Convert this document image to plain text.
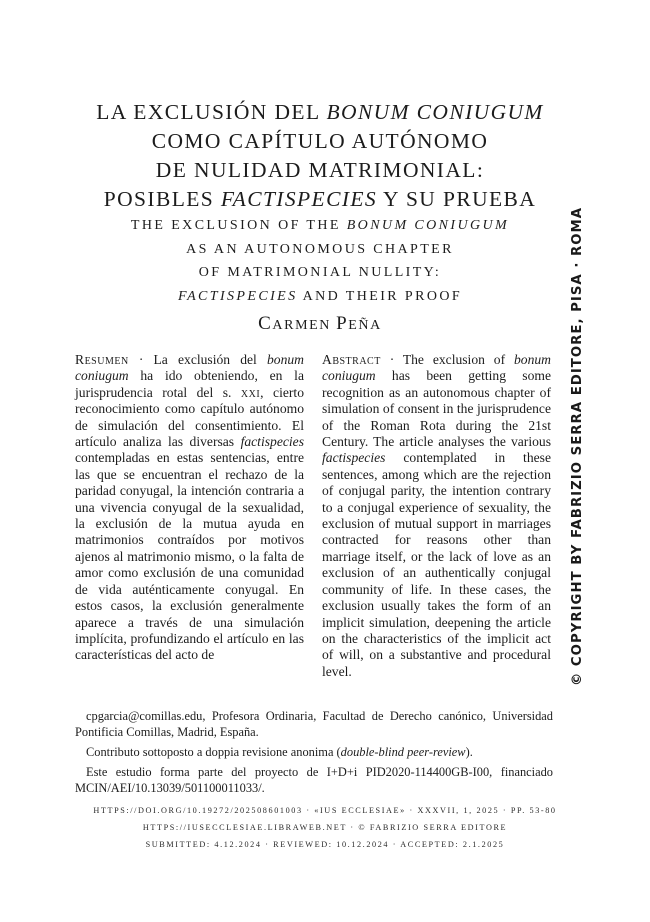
LA EXCLUSIÓN DEL BONUM CONIUGUM
COMO CAPÍTULO AUTÓNOMO
DE NULIDAD MATRIMONIAL:
POSIBLES FACTISPECIES Y SU PRUEBA
THE EXCLUSION OF THE BONUM CONIUGUM
AS AN AUTONOMOUS CHAPTER
OF MATRIMONIAL NULLITY:
FACTISPECIES AND THEIR PROOF
CARMEN PEÑA
Resumen · La exclusión del bonum coniugum ha ido obteniendo, en la jurisprudencia rotal del s. xxi, cierto reconocimiento como capítulo autónomo de simulación del consentimiento. El artículo analiza las diversas factispecies contempladas en estas sentencias, entre las que se encuentran el rechazo de la paridad conyugal, la intención contraria a una vivencia conyugal de la sexualidad, la exclusión de la mutua ayuda en matrimonios contraídos por motivos ajenos al matrimonio mismo, o la falta de amor como exclusión de una comunidad de vida auténticamente conyugal. En estos casos, la exclusión generalmente aparece a través de una simulación implícita, profundizando el artículo en las características del acto de
Abstract · The exclusion of bonum coniugum has been getting some recognition as an autonomous chapter of simulation of consent in the jurisprudence of the Roman Rota during the 21st Century. The article analyses the various factispecies contemplated in these sentences, among which are the rejection of conjugal parity, the intention contrary to a conjugal experience of sexuality, the exclusion of mutual support in marriages contracted for reasons other than marriage itself, or the lack of love as an exclusion of an authentically conjugal community of life. In these cases, the exclusion usually takes the form of an implicit simulation, deepening the article on the characteristics of the implicit act of will, on a substantive and procedural level.

cpgarcia@comillas.edu, Profesora Ordinaria, Facultad de Derecho canónico, Universidad Pontificia Comillas, Madrid, España.

Contributo sottoposto a doppia revisione anonima (double-blind peer-review).

Este estudio forma parte del proyecto de I+D+i PID2020-114400GB-I00, financiado MCIN/AEI/10.13039/501100011033/.

HTTPS://DOI.ORG/10.19272/202508601003 · «IUS ECCLESIAE» · XXXVII, 1, 2025 · PP. 53-80
HTTPS://IUSECCLESIAE.LIBRAWEB.NET · © FABRIZIO SERRA EDITORE
SUBMITTED: 4.12.2024 · REVIEWED: 10.12.2024 · ACCEPTED: 2.1.2025
© COPYRIGHT BY FABRIZIO SERRA EDITORE, PISA · ROMA
